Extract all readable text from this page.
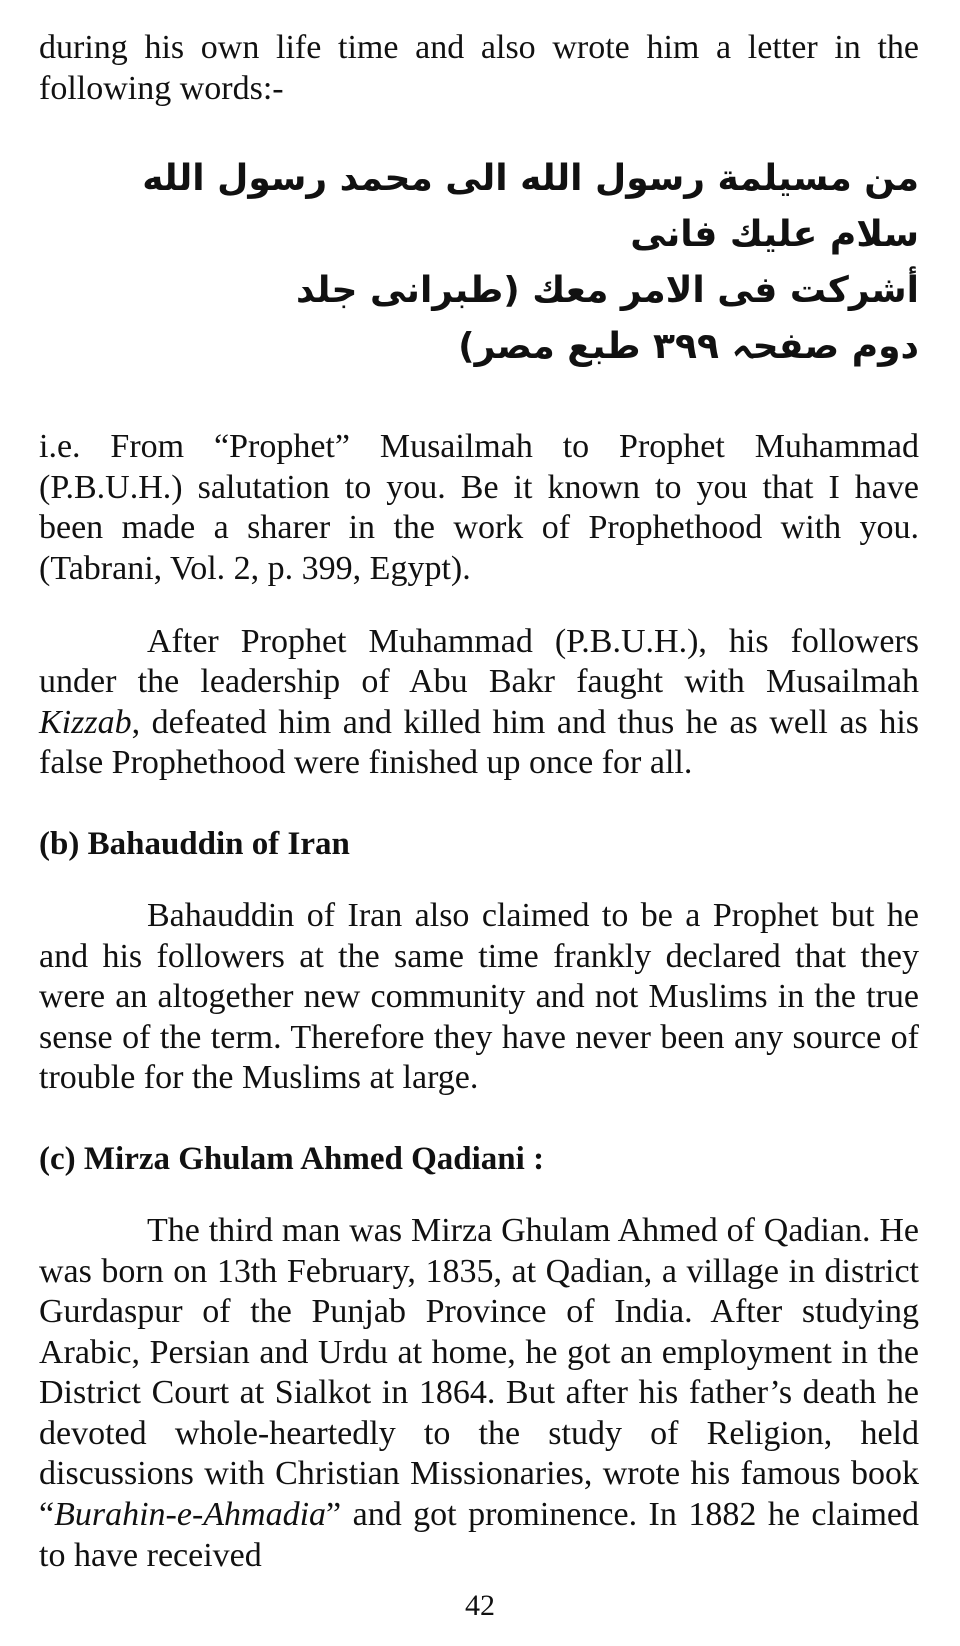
during his own life time and also wrote him a letter in the following words:-

من مسیلمة رسول الله الی محمد رسول الله سلام علیك فانی

أشرکت فی الامر معك (طبرانی جلد دوم صفحہ ۳۹۹ طبع مصر)

i.e. From “Prophet” Musailmah to Prophet Muhammad (P.B.U.H.) salutation to you. Be it known to you that I have been made a sharer in the work of Prophethood with you. (Tabrani, Vol. 2, p. 399, Egypt).

After Prophet Muhammad (P.B.U.H.), his followers under the leadership of Abu Bakr faught with Musailmah Kizzab, defeated him and killed him and thus he as well as his false Prophethood were finished up once for all.

(b) Bahauddin of Iran

Bahauddin of Iran also claimed to be a Prophet but he and his followers at the same time frankly declared that they were an altogether new community and not Muslims in the true sense of the term. Therefore they have never been any source of trouble for the Muslims at large.

(c) Mirza Ghulam Ahmed Qadiani :

The third man was Mirza Ghulam Ahmed of Qadian. He was born on 13th February, 1835, at Qadian, a village in district Gurdaspur of the Punjab Province of India. After studying Arabic, Persian and Urdu at home, he got an employment in the District Court at Sialkot in 1864. But after his father’s death he devoted whole-heartedly to the study of Religion, held discussions with Christian Missionaries, wrote his famous book “Burahin-e-Ahmadia” and got prominence. In 1882 he claimed to have received

42
